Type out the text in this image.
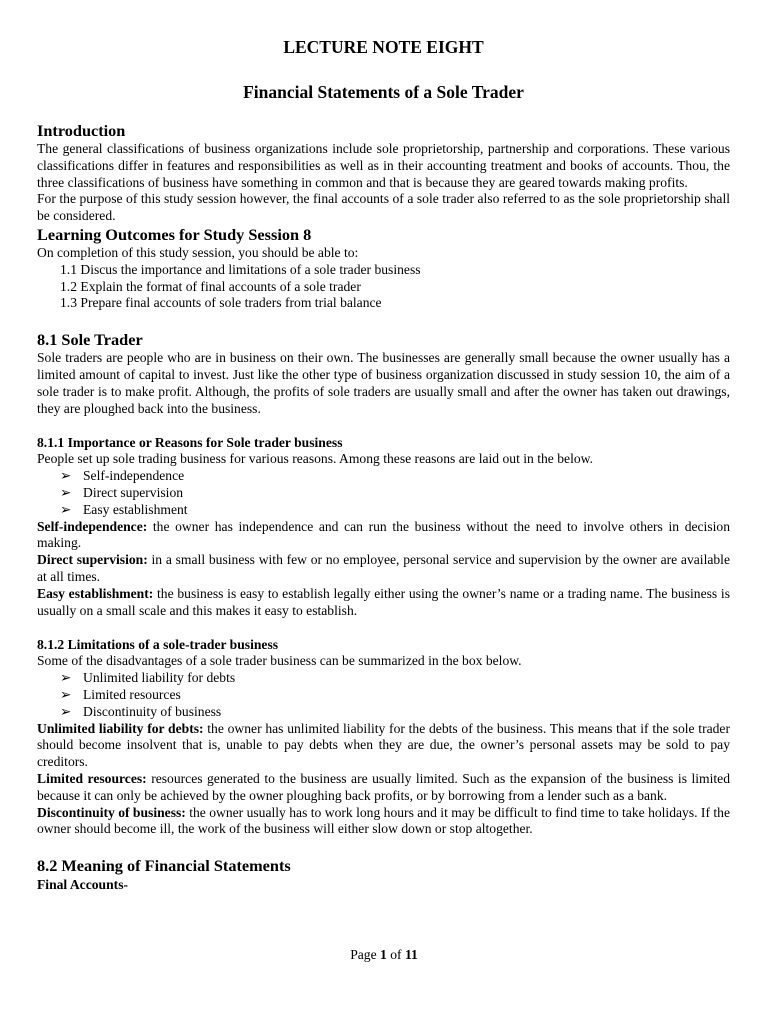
LECTURE NOTE EIGHT

Financial Statements of a Sole Trader

Introduction

The general classifications of business organizations include sole proprietorship, partnership and corporations. These various classifications differ in features and responsibilities as well as in their accounting treatment and books of accounts. Thou, the three classifications of business have something in common and that is because they are geared towards making profits.

For the purpose of this study session however, the final accounts of a sole trader also referred to as the sole proprietorship shall be considered.

Learning Outcomes for Study Session 8

On completion of this study session, you should be able to:

1.1 Discus the importance and limitations of a sole trader business
1.2 Explain the format of final accounts of a sole trader
1.3 Prepare final accounts of sole traders from trial balance
8.1 Sole Trader

Sole traders are people who are in business on their own. The businesses are generally small because the owner usually has a limited amount of capital to invest. Just like the other type of business organization discussed in study session 10, the aim of a sole trader is to make profit. Although, the profits of sole traders are usually small and after the owner has taken out drawings, they are ploughed back into the business.

8.1.1 Importance or Reasons for Sole trader business

People set up sole trading business for various reasons. Among these reasons are laid out in the below.

➢ Self-independence
➢ Direct supervision
➢ Easy establishment

Self-independence: the owner has independence and can run the business without the need to involve others in decision making.

Direct supervision: in a small business with few or no employee, personal service and supervision by the owner are available at all times.

Easy establishment: the business is easy to establish legally either using the owner’s name or a trading name. The business is usually on a small scale and this makes it easy to establish.

8.1.2 Limitations of a sole-trader business

Some of the disadvantages of a sole trader business can be summarized in the box below.

➢ Unlimited liability for debts
➢ Limited resources
➢ Discontinuity of business

Unlimited liability for debts: the owner has unlimited liability for the debts of the business. This means that if the sole trader should become insolvent that is, unable to pay debts when they are due, the owner’s personal assets may be sold to pay creditors.

Limited resources: resources generated to the business are usually limited. Such as the expansion of the business is limited because it can only be achieved by the owner ploughing back profits, or by borrowing from a lender such as a bank.

Discontinuity of business: the owner usually has to work long hours and it may be difficult to find time to take holidays. If the owner should become ill, the work of the business will either slow down or stop altogether.

8.2 Meaning of Financial Statements
Final Accounts-
Page 1 of 11
